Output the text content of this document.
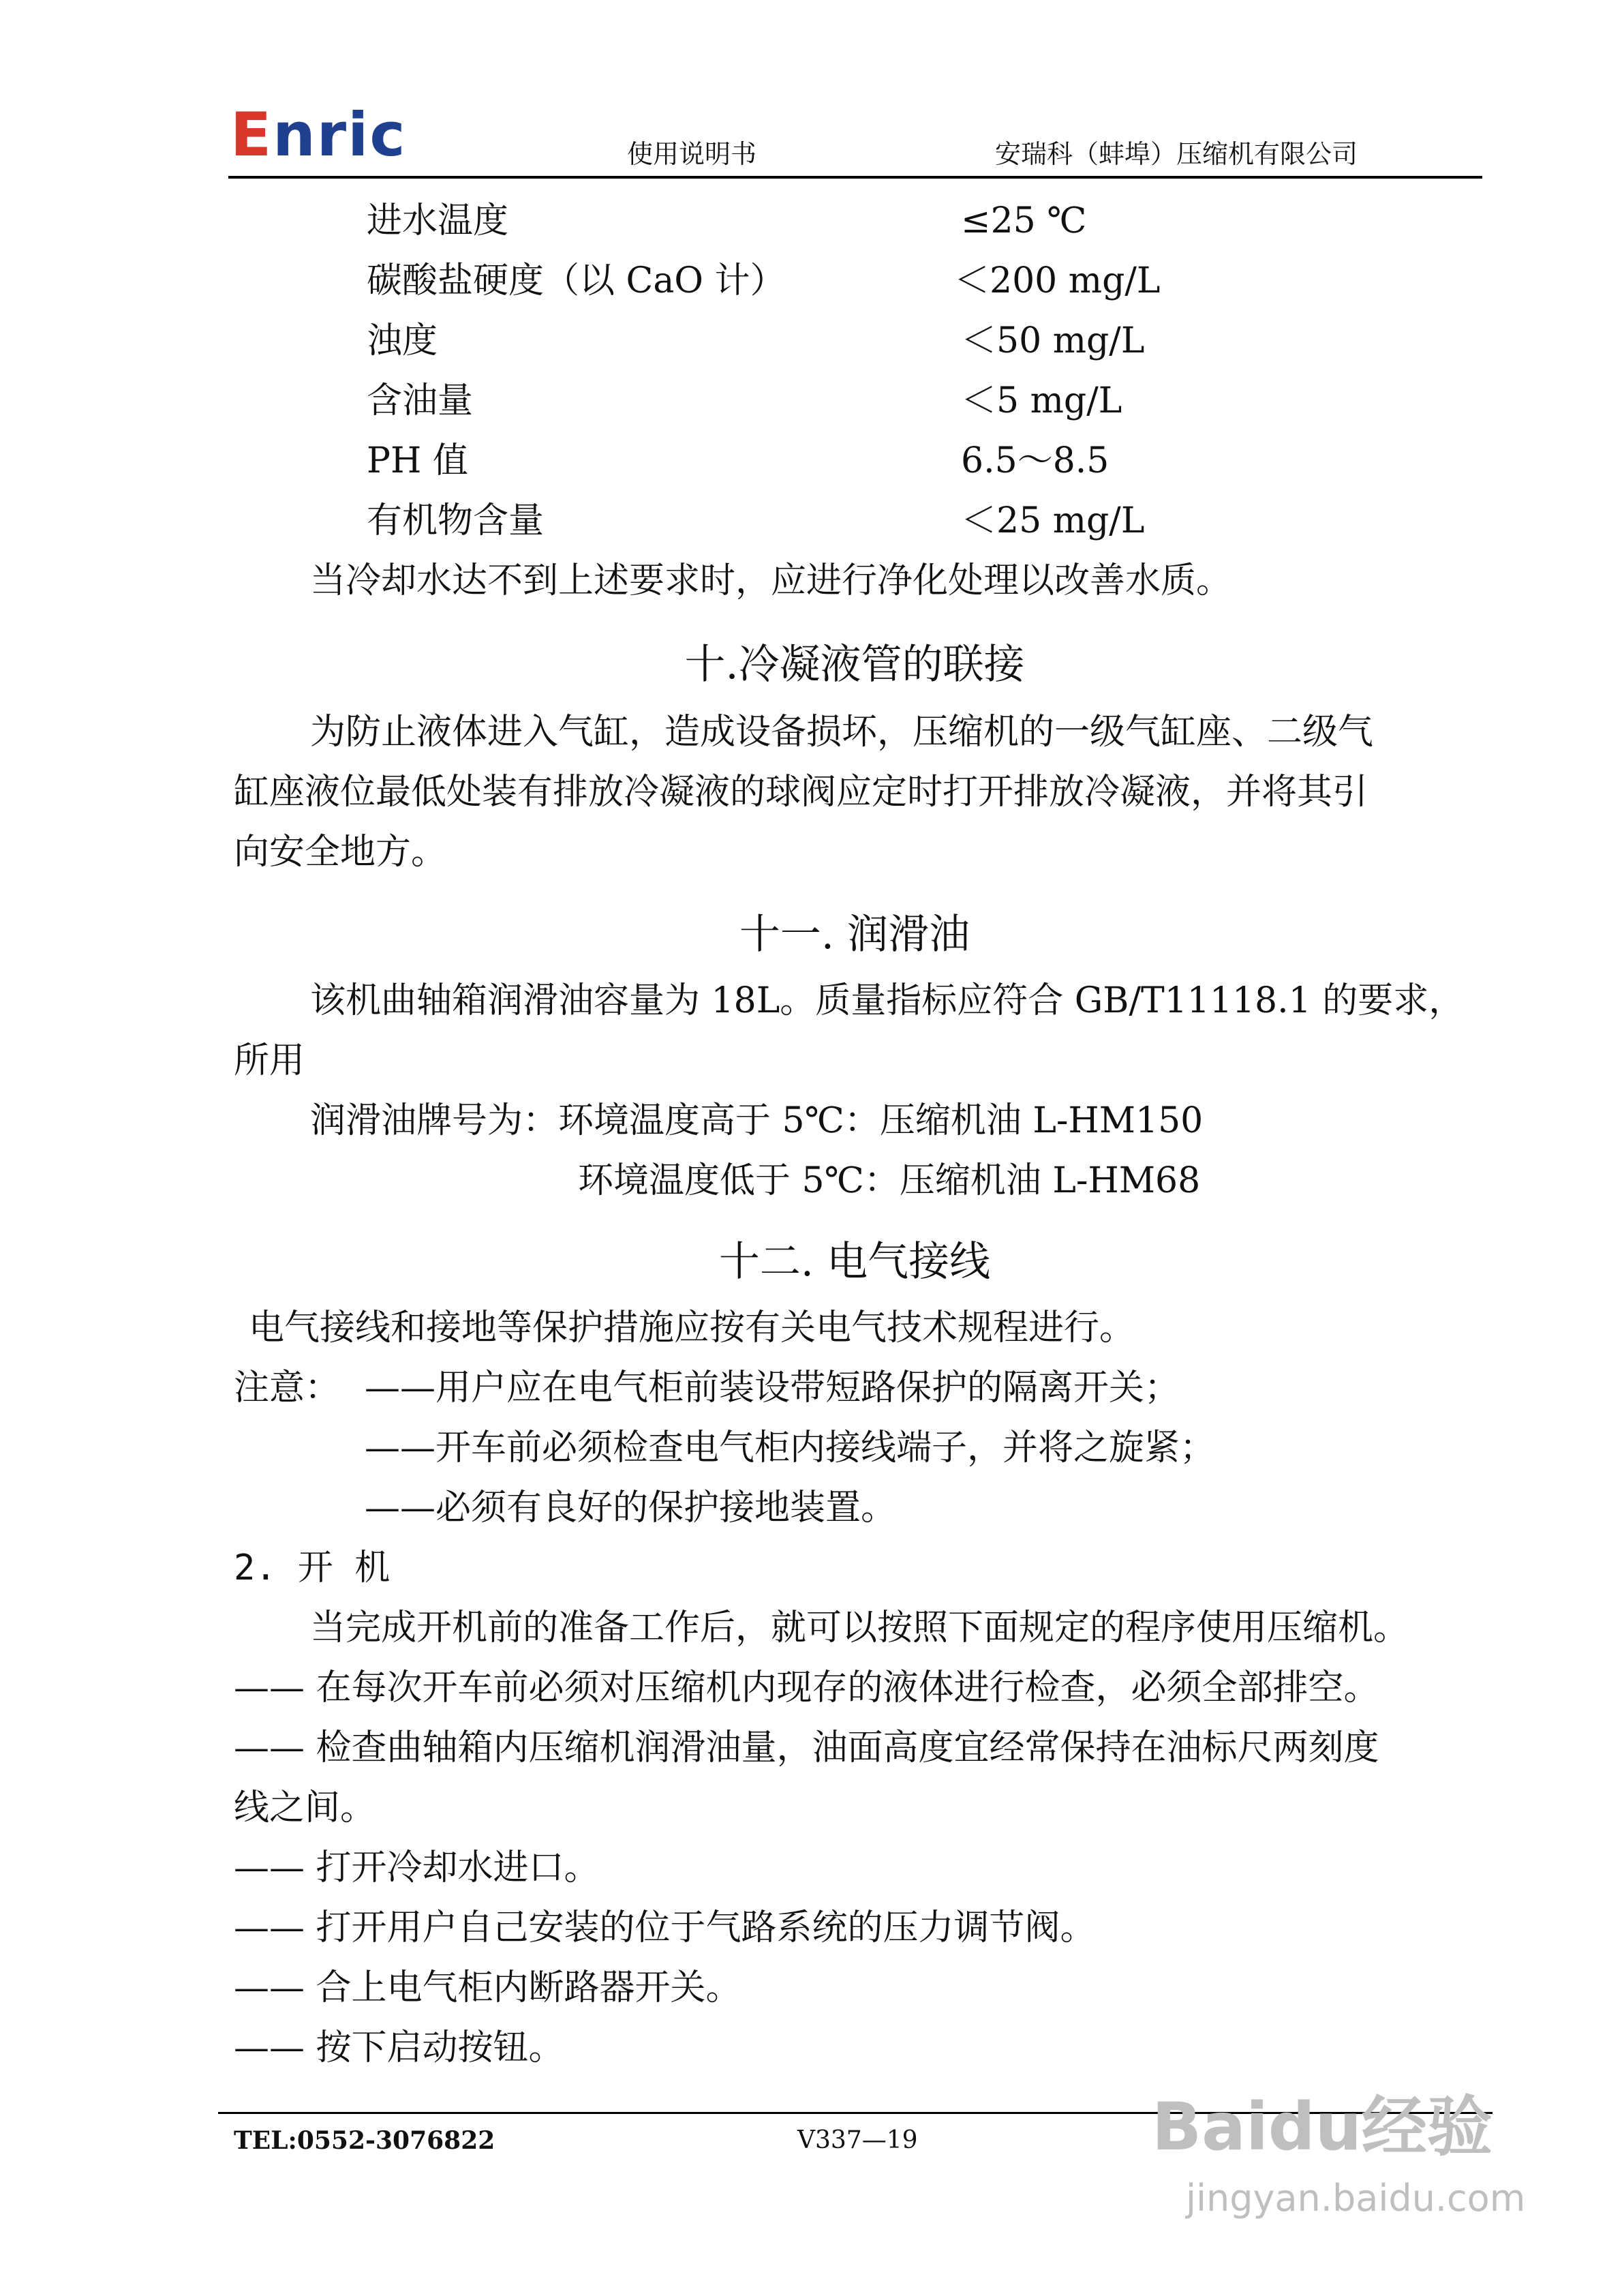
Enric	使用说明书	安瑞科（蚌埠）压缩机有限公司
进水温度	≤25 ℃
碳酸盐硬度（以 CaO 计）	＜200 mg/L
浊度	＜50 mg/L
含油量	＜5 mg/L
PH 值	6.5～8.5
有机物含量	＜25 mg/L
当冷却水达不到上述要求时，应进行净化处理以改善水质。
十.冷凝液管的联接
为防止液体进入气缸，造成设备损坏，压缩机的一级气缸座、二级气
缸座液位最低处装有排放冷凝液的球阀应定时打开排放冷凝液，并将其引
向安全地方。
十一. 润滑油
该机曲轴箱润滑油容量为 18L。质量指标应符合 GB/T11118.1 的要求，
所用
润滑油牌号为：环境温度高于 5℃：压缩机油 L-HM150
环境温度低于 5℃：压缩机油 L-HM68
十二. 电气接线
电气接线和接地等保护措施应按有关电气技术规程进行。
注意： ——用户应在电气柜前装设带短路保护的隔离开关；
——开车前必须检查电气柜内接线端子，并将之旋紧；
——必须有良好的保护接地装置。
2. 开 机
当完成开机前的准备工作后，就可以按照下面规定的程序使用压缩机。
—— 在每次开车前必须对压缩机内现存的液体进行检查，必须全部排空。
—— 检查曲轴箱内压缩机润滑油量，油面高度宜经常保持在油标尺两刻度
线之间。
—— 打开冷却水进口。
—— 打开用户自己安装的位于气路系统的压力调节阀。
—— 合上电气柜内断路器开关。
—— 按下启动按钮。
TEL:0552-3076822	V337—19	Baidu经验
jingyan.baidu.com
